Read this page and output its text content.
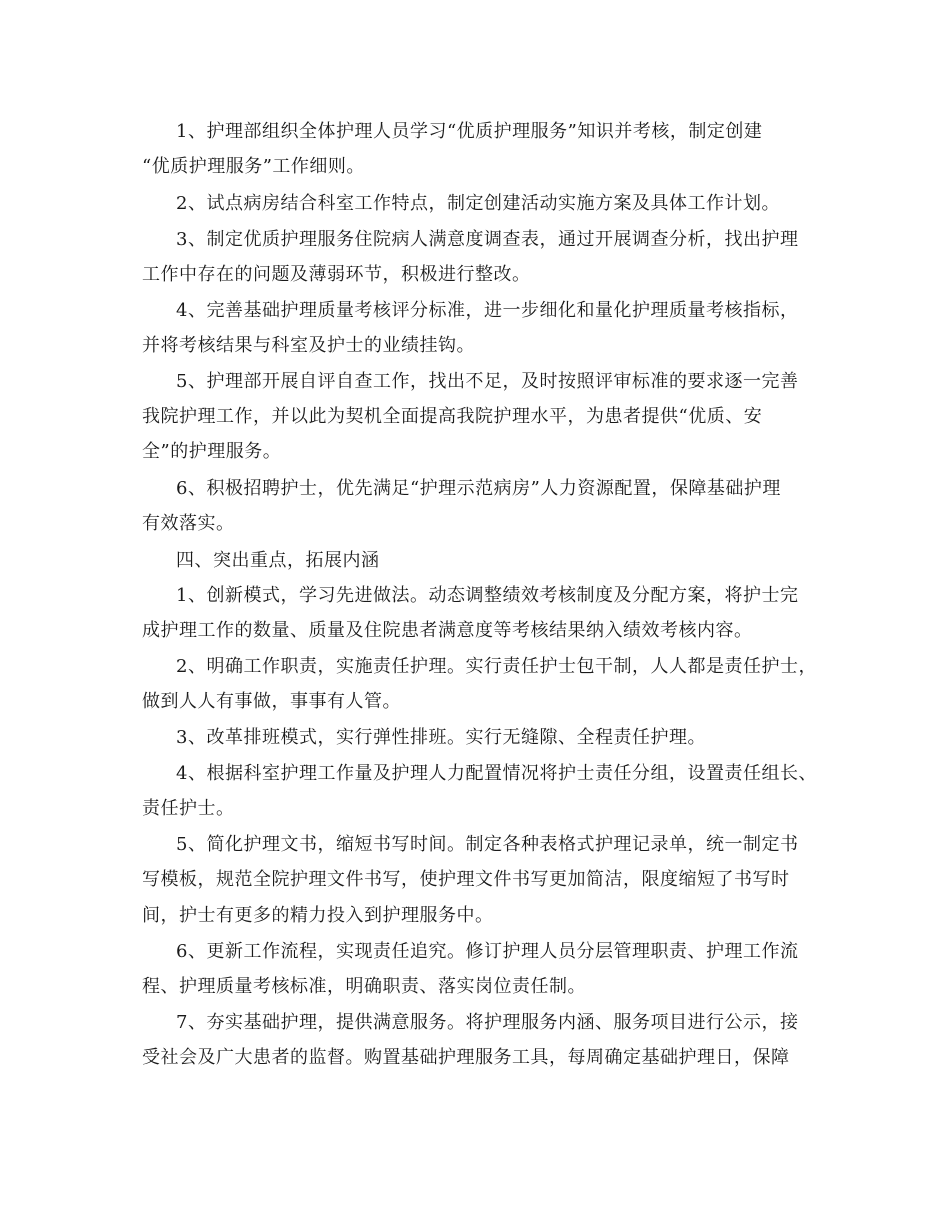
1、护理部组织全体护理人员学习“优质护理服务”知识并考核，制定创建
“优质护理服务”工作细则。
2、试点病房结合科室工作特点，制定创建活动实施方案及具体工作计划。
3、制定优质护理服务住院病人满意度调查表，通过开展调查分析，找出护理
工作中存在的问题及薄弱环节，积极进行整改。
4、完善基础护理质量考核评分标准，进一步细化和量化护理质量考核指标，
并将考核结果与科室及护士的业绩挂钩。
5、护理部开展自评自查工作，找出不足，及时按照评审标准的要求逐一完善
我院护理工作，并以此为契机全面提高我院护理水平，为患者提供“优质、安
全”的护理服务。
6、积极招聘护士，优先满足“护理示范病房”人力资源配置，保障基础护理
有效落实。
四、突出重点，拓展内涵
1、创新模式，学习先进做法。动态调整绩效考核制度及分配方案，将护士完
成护理工作的数量、质量及住院患者满意度等考核结果纳入绩效考核内容。
2、明确工作职责，实施责任护理。实行责任护士包干制，人人都是责任护士，
做到人人有事做，事事有人管。
3、改革排班模式，实行弹性排班。实行无缝隙、全程责任护理。
4、根据科室护理工作量及护理人力配置情况将护士责任分组，设置责任组长、
责任护士。
5、简化护理文书，缩短书写时间。制定各种表格式护理记录单，统一制定书
写模板，规范全院护理文件书写，使护理文件书写更加简洁，限度缩短了书写时
间，护士有更多的精力投入到护理服务中。
6、更新工作流程，实现责任追究。修订护理人员分层管理职责、护理工作流
程、护理质量考核标准，明确职责、落实岗位责任制。
7、夯实基础护理，提供满意服务。将护理服务内涵、服务项目进行公示，接
受社会及广大患者的监督。购置基础护理服务工具，每周确定基础护理日，保障
